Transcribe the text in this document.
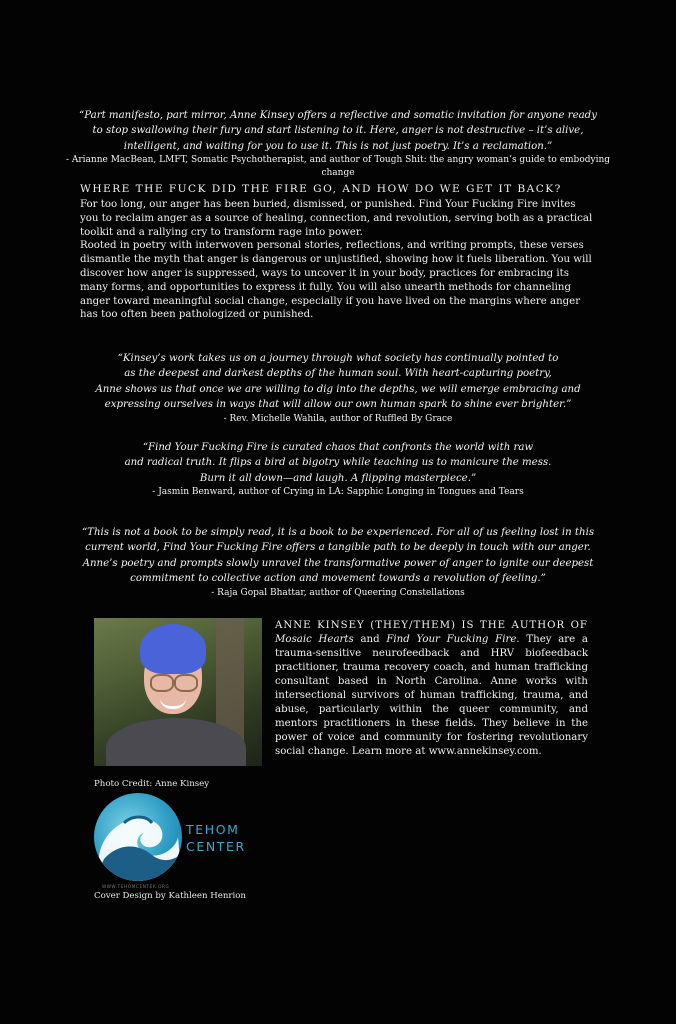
“Part manifesto, part mirror, Anne Kinsey offers a reflective and somatic invitation for anyone ready
to stop swallowing their fury and start listening to it. Here, anger is not destructive – it’s alive,
intelligent, and waiting for you to use it. This is not just poetry. It’s a reclamation.”
- Arianne MacBean, LMFT, Somatic Psychotherapist, and author of Tough Shit: the angry woman’s guide to embodying change
WHERE THE FUCK DID THE FIRE GO, AND HOW DO WE GET IT BACK?

For too long, our anger has been buried, dismissed, or punished. Find Your Fucking Fire invites you to reclaim anger as a source of healing, connection, and revolution, serving both as a practical toolkit and a rallying cry to transform rage into power.

Rooted in poetry with interwoven personal stories, reflections, and writing prompts, these verses dismantle the myth that anger is dangerous or unjustified, showing how it fuels liberation. You will discover how anger is suppressed, ways to uncover it in your body, practices for embracing its many forms, and opportunities to express it fully. You will also unearth methods for channeling anger toward meaningful social change, especially if you have lived on the margins where anger has too often been pathologized or punished.

“Kinsey’s work takes us on a journey through what society has continually pointed to
as the deepest and darkest depths of the human soul. With heart-capturing poetry,
Anne shows us that once we are willing to dig into the depths, we will emerge embracing and
expressing ourselves in ways that will allow our own human spark to shine ever brighter.”
- Rev. Michelle Wahila, author of Ruffled By Grace
“Find Your Fucking Fire is curated chaos that confronts the world with raw
and radical truth. It flips a bird at bigotry while teaching us to manicure the mess.
Burn it all down—and laugh. A flipping masterpiece.”
- Jasmin Benward, author of Crying in LA: Sapphic Longing in Tongues and Tears
“This is not a book to be simply read, it is a book to be experienced. For all of us feeling lost in this
current world, Find Your Fucking Fire offers a tangible path to be deeply in touch with our anger.
Anne’s poetry and prompts slowly unravel the transformative power of anger to ignite our deepest
commitment to collective action and movement towards a revolution of feeling.”
- Raja Gopal Bhattar, author of Queering Constellations
ANNE KINSEY (THEY/THEM) IS THE AUTHOR OF Mosaic Hearts and Find Your Fucking Fire. They are a trauma-sensitive neurofeedback and HRV biofeedback practitioner, trauma recovery coach, and human trafficking consultant based in North Carolina. Anne works with intersectional survivors of human trafficking, trauma, and abuse, particularly within the queer community, and mentors practitioners in these fields. They believe in the power of voice and community for fostering revolutionary social change. Learn more at www.annekinsey.com.
Photo Credit: Anne Kinsey
TEHOM
CENTER
WWW.TEHOMCENTER.ORG
Cover Design by Kathleen Henrion
